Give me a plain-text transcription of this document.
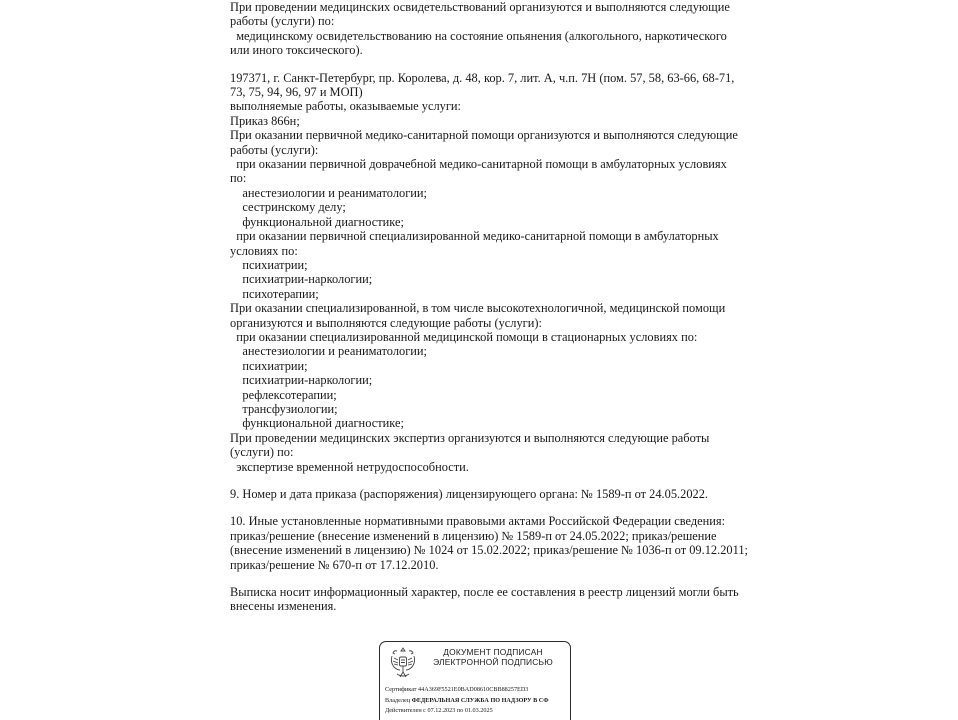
При проведении медицинских освидетельствований организуются и выполняются следующие

работы (услуги) по:

медицинскому освидетельствованию на состояние опьянения (алкогольного, наркотического

или иного токсического).

197371, г. Санкт-Петербург, пр. Королева, д. 48, кор. 7, лит. А, ч.п. 7Н (пом. 57, 58, 63-66, 68-71,

73, 75, 94, 96, 97 и МОП)

выполняемые работы, оказываемые услуги:

Приказ 866н;

При оказании первичной медико-санитарной помощи организуются и выполняются следующие

работы (услуги):

при оказании первичной доврачебной медико-санитарной помощи в амбулаторных условиях

по:

анестезиологии и реаниматологии;

сестринскому делу;

функциональной диагностике;

при оказании первичной специализированной медико-санитарной помощи в амбулаторных

условиях по:

психиатрии;

психиатрии-наркологии;

психотерапии;

При оказании специализированной, в том числе высокотехнологичной, медицинской помощи

организуются и выполняются следующие работы (услуги):

при оказании специализированной медицинской помощи в стационарных условиях по:

анестезиологии и реаниматологии;

психиатрии;

психиатрии-наркологии;

рефлексотерапии;

трансфузиологии;

функциональной диагностике;

При проведении медицинских экспертиз организуются и выполняются следующие работы

(услуги) по:

экспертизе временной нетрудоспособности.

9. Номер и дата приказа (распоряжения) лицензирующего органа: № 1589-п от 24.05.2022.

10. Иные установленные нормативными правовыми актами Российской Федерации сведения:

приказ/решение (внесение изменений в лицензию) № 1589-п от 24.05.2022; приказ/решение

(внесение изменений в лицензию) № 1024 от 15.02.2022; приказ/решение № 1036-п от 09.12.2011;

приказ/решение № 670-п от 17.12.2010.

Выписка носит информационный характер, после ее составления в реестр лицензий могли быть

внесены изменения.

ДОКУМЕНТ ПОДПИСАН
ЭЛЕКТРОННОЙ ПОДПИСЬЮ
Сертификат 44A369F5521E0BAD08610CBB88257ED3
Владелец ФЕДЕРАЛЬНАЯ СЛУЖБА ПО НАДЗОРУ В СФ
Действителен с 07.12.2023 по 01.03.2025
